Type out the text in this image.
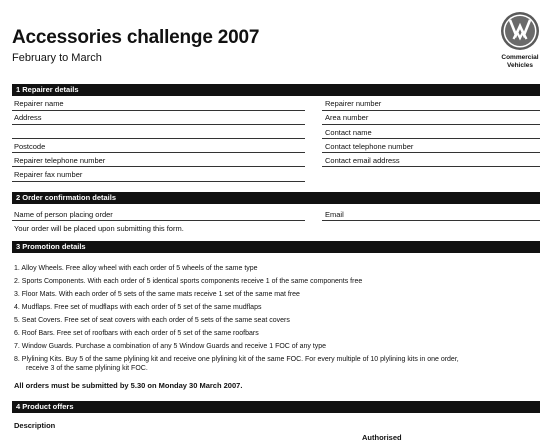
Accessories challenge 2007
February to March	Commercial
Vehicles
1 Repairer details
Repairer name
Address
Postcode
Repairer telephone number
Repairer fax number
Repairer number
Area number
Contact name
Contact telephone number
Contact email address
2 Order confirmation details
Name of person placing order	Email
Your order will be placed upon submitting this form.
3 Promotion details
1. Alloy Wheels. Free alloy wheel with each order of 5 wheels of the same type
2. Sports Components. With each order of 5 identical sports components receive 1 of the same components free
3. Floor Mats. With each order of 5 sets of the same mats receive 1 set of the same mat free
4. Mudflaps. Free set of mudflaps with each order of 5 set of the same mudflaps
5. Seat Covers. Free set of seat covers with each order of 5 sets of the same seat covers
6. Roof Bars. Free set of roofbars with each order of 5 set of the same roofbars
7. Window Guards. Purchase a combination of any 5 Window Guards and receive 1 FOC of any type
8. Plylining Kits. Buy 5 of the same plylining kit and receive one plylining kit of the same FOC. For every multiple of 10 plylining kits in one order,
receive 3 of the same plylining kit FOC.
All orders must be submitted by 5.30 on Monday 30 March 2007.
4 Product offers
Description
Authorised
